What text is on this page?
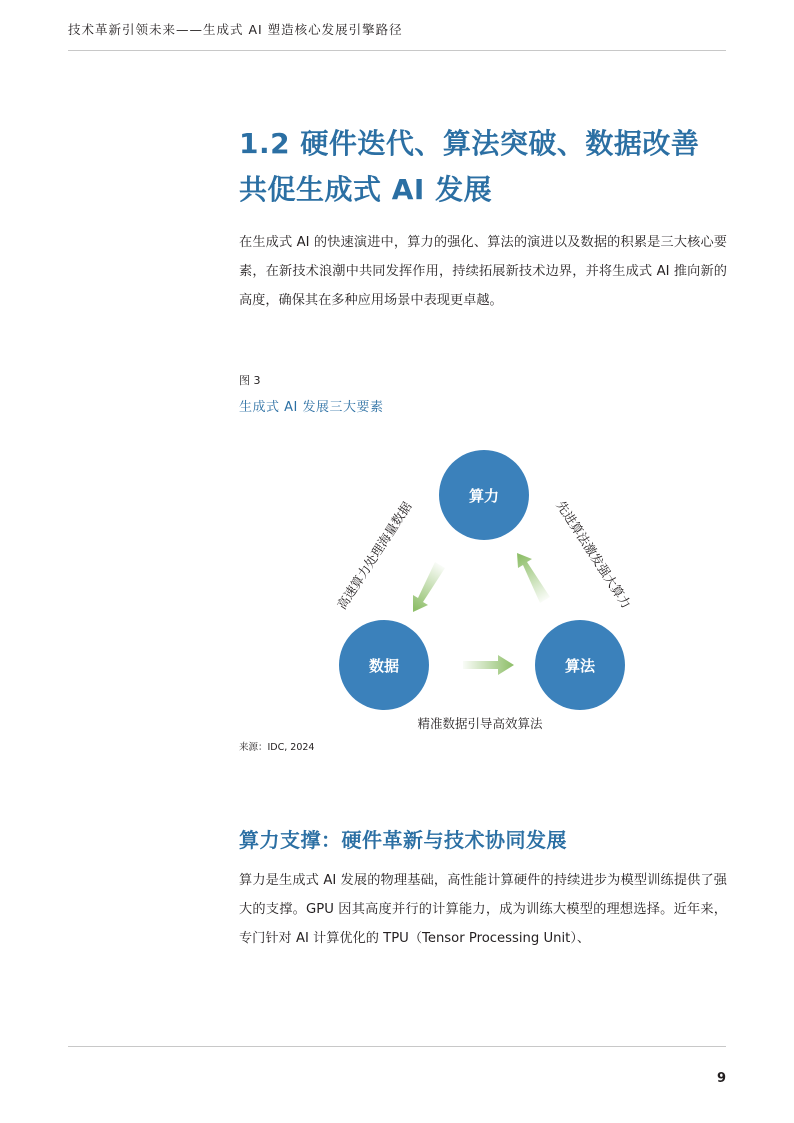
技术革新引领未来——生成式 AI 塑造核心发展引擎路径
1.2 硬件迭代、算法突破、数据改善
共促生成式 AI 发展
在生成式 AI 的快速演进中，算力的强化、算法的演进以及数据的积累是三大核心要素，在新技术浪潮中共同发挥作用，持续拓展新技术边界，并将生成式 AI 推向新的高度，确保其在多种应用场景中表现更卓越。
图 3
生成式 AI 发展三大要素
算力
数据	算法
高速算力处理海量数据	先进算法激发强大算力
精准数据引导高效算法
来源：IDC, 2024
算力支撑：硬件革新与技术协同发展
算力是生成式 AI 发展的物理基础，高性能计算硬件的持续进步为模型训练提供了强大的支撑。GPU 因其高度并行的计算能力，成为训练大模型的理想选择。近年来，专门针对 AI 计算优化的 TPU（Tensor Processing Unit）、
9
